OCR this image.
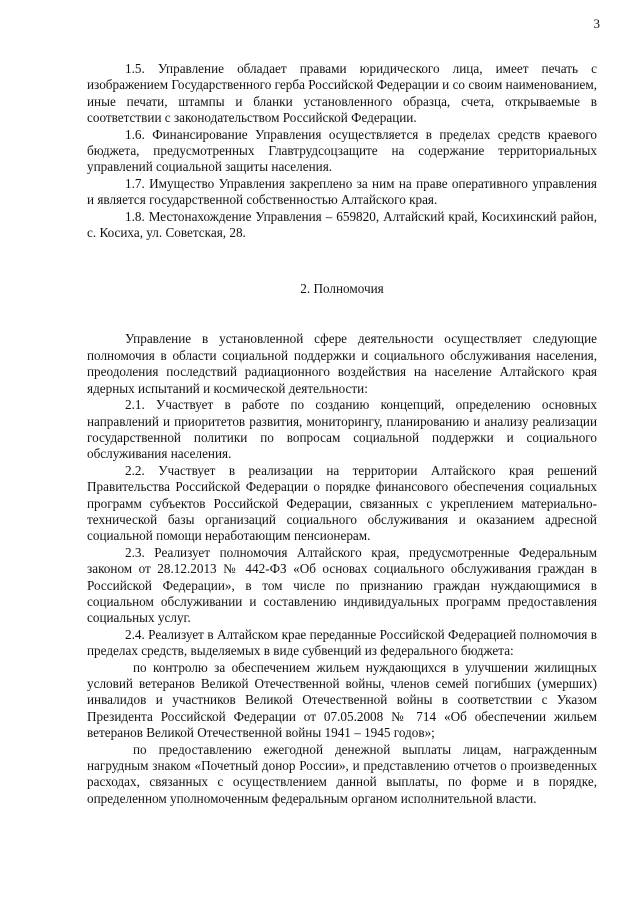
3

1.5. Управление обладает правами юридического лица, имеет печать с изображением Государственного герба Российской Федерации и со своим наименованием, иные печати, штампы и бланки установленного образца, счета, открываемые в соответствии с законодательством Российской Федерации.

1.6. Финансирование Управления осуществляется в пределах средств краевого бюджета, предусмотренных Главтрудсоцзащите на содержание территориальных управлений социальной защиты населения.

1.7. Имущество Управления закреплено за ним на праве оперативного управления и является государственной собственностью Алтайского края.

1.8. Местонахождение Управления – 659820, Алтайский край, Косихинский район, с. Косиха, ул. Советская, 28.

2. Полномочия

Управление в установленной сфере деятельности осуществляет следующие полномочия в области социальной поддержки и социального обслуживания населения, преодоления последствий радиационного воздействия на население Алтайского края ядерных испытаний и космической деятельности:

2.1. Участвует в работе по созданию концепций, определению основных направлений и приоритетов развития, мониторингу, планированию и анализу реализации государственной политики по вопросам социальной поддержки и социального обслуживания населения.

2.2. Участвует в реализации на территории Алтайского края решений Правительства Российской Федерации о порядке финансового обеспечения социальных программ субъектов Российской Федерации, связанных с укреплением материально-технической базы организаций социального обслуживания и оказанием адресной социальной помощи неработающим пенсионерам.

2.3. Реализует полномочия Алтайского края, предусмотренные Федеральным законом от 28.12.2013 № 442-ФЗ «Об основах социального обслуживания граждан в Российской Федерации», в том числе по признанию граждан нуждающимися в социальном обслуживании и составлению индивидуальных программ предоставления социальных услуг.

2.4. Реализует в Алтайском крае переданные Российской Федерацией полномочия в пределах средств, выделяемых в виде субвенций из федерального бюджета:

по контролю за обеспечением жильем нуждающихся в улучшении жилищных условий ветеранов Великой Отечественной войны, членов семей погибших (умерших) инвалидов и участников Великой Отечественной войны в соответствии с Указом Президента Российской Федерации от 07.05.2008 № 714 «Об обеспечении жильем ветеранов Великой Отечественной войны 1941 – 1945 годов»;

по предоставлению ежегодной денежной выплаты лицам, награжденным нагрудным знаком «Почетный донор России», и представлению отчетов о произведенных расходах, связанных с осуществлением данной выплаты, по форме и в порядке, определенном уполномоченным федеральным органом исполнительной власти.
